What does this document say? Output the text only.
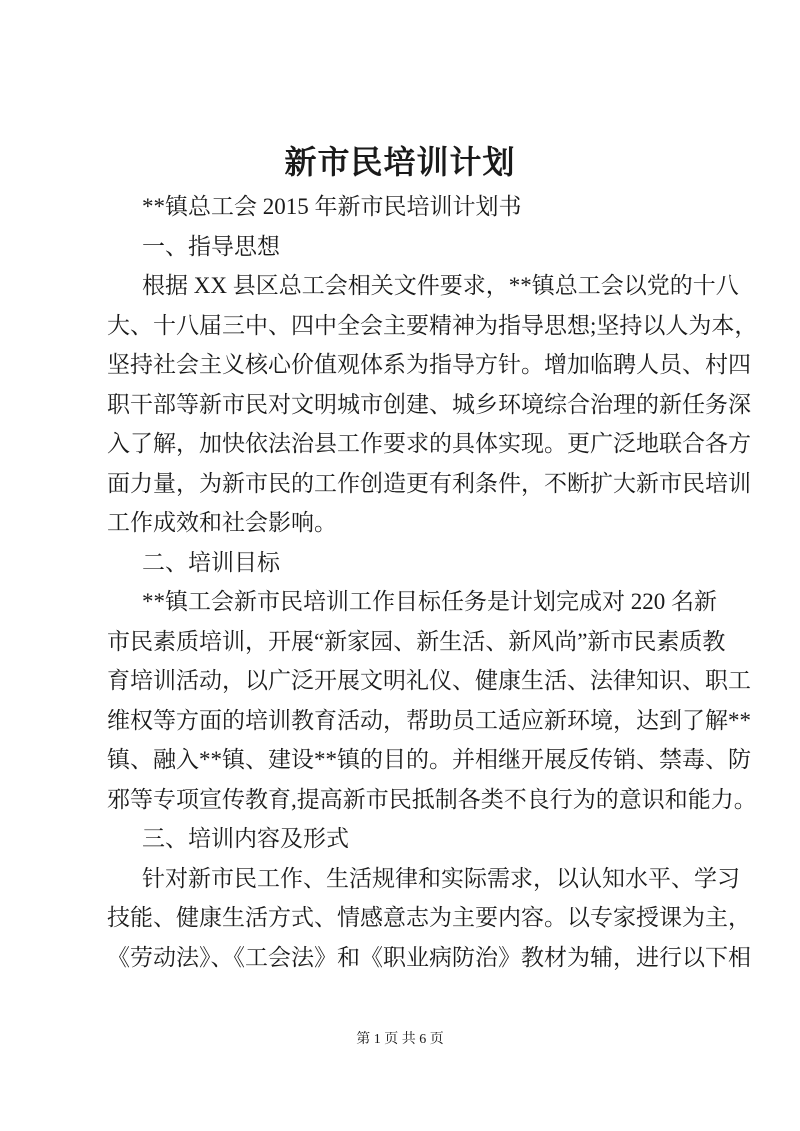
新市民培训计划
**镇总工会 2015 年新市民培训计划书
一、指导思想
根据 XX 县区总工会相关文件要求，**镇总工会以党的十八
大、十八届三中、四中全会主要精神为指导思想;坚持以人为本，
坚持社会主义核心价值观体系为指导方针。增加临聘人员、村四
职干部等新市民对文明城市创建、城乡环境综合治理的新任务深
入了解，加快依法治县工作要求的具体实现。更广泛地联合各方
面力量，为新市民的工作创造更有利条件，不断扩大新市民培训
工作成效和社会影响。
二、培训目标
**镇工会新市民培训工作目标任务是计划完成对 220 名新
市民素质培训，开展“新家园、新生活、新风尚”新市民素质教
育培训活动，以广泛开展文明礼仪、健康生活、法律知识、职工
维权等方面的培训教育活动，帮助员工适应新环境，达到了解**
镇、融入**镇、建设**镇的目的。并相继开展反传销、禁毒、防
邪等专项宣传教育,提高新市民抵制各类不良行为的意识和能力。
三、培训内容及形式
针对新市民工作、生活规律和实际需求，以认知水平、学习
技能、健康生活方式、情感意志为主要内容。以专家授课为主，
《劳动法》、《工会法》和《职业病防治》教材为辅，进行以下相
第 1 页 共 6 页
